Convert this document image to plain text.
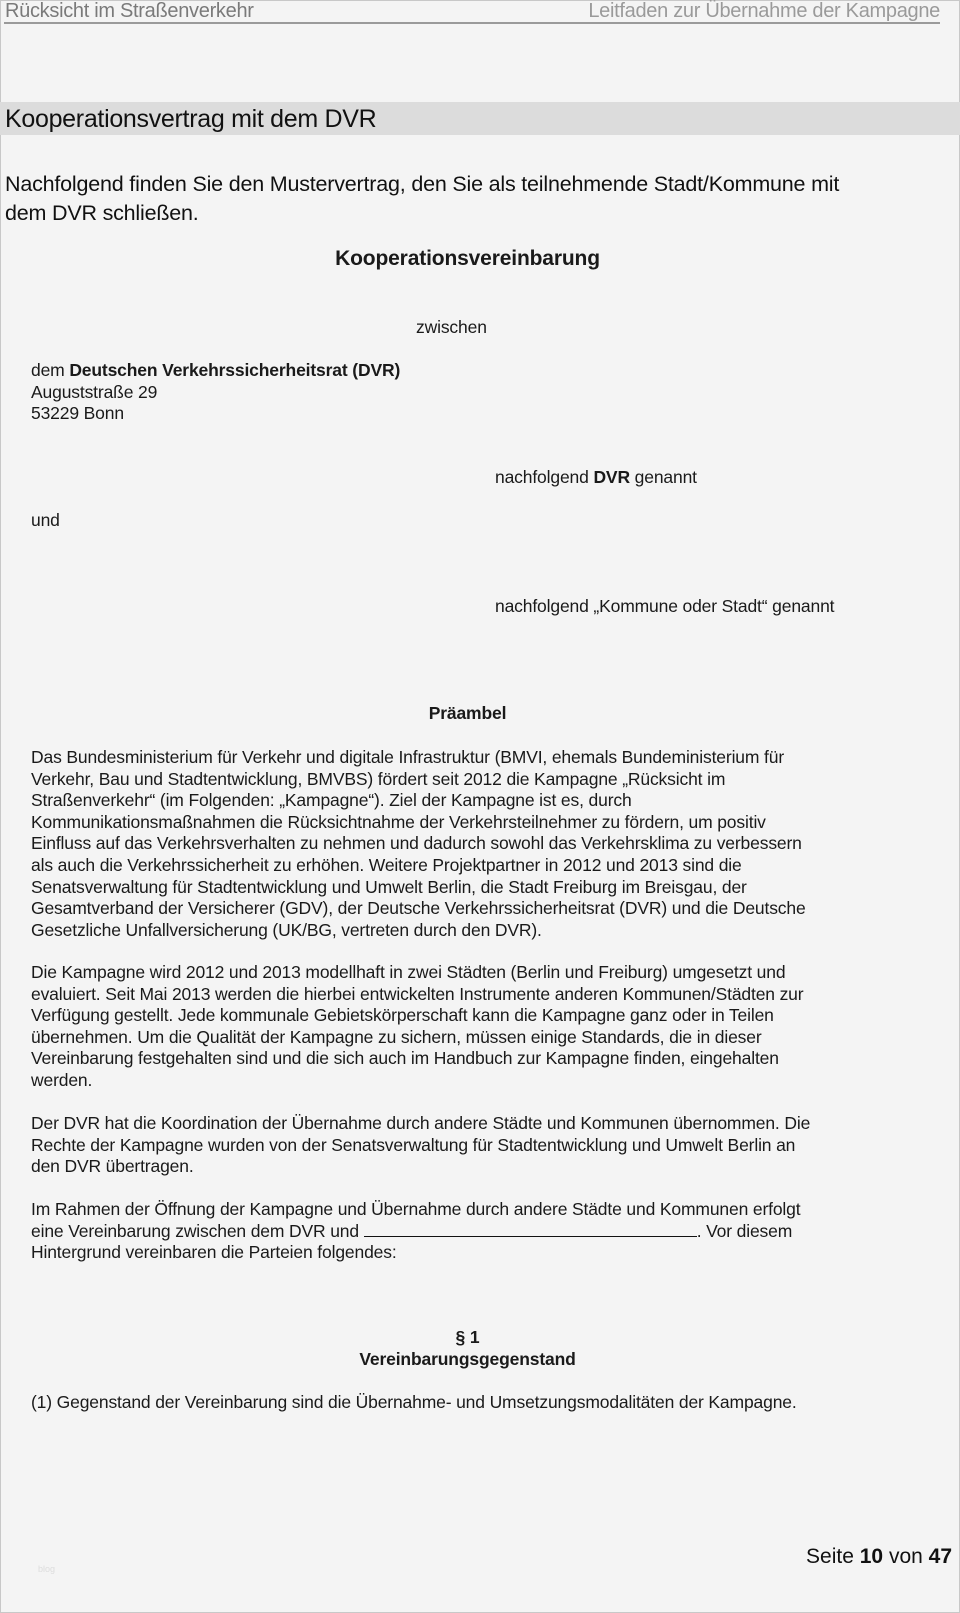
Rücksicht im Straßenverkehr	Leitfaden zur Übernahme der Kampagne
Kooperationsvertrag mit dem DVR
Nachfolgend finden Sie den Mustervertrag, den Sie als teilnehmende Stadt/Kommune mit
dem DVR schließen.
Kooperationsvereinbarung
zwischen
dem Deutschen Verkehrssicherheitsrat (DVR)
Auguststraße 29
53229 Bonn
nachfolgend DVR genannt
und
nachfolgend „Kommune oder Stadt“ genannt
Präambel
Das Bundesministerium für Verkehr und digitale Infrastruktur (BMVI, ehemals Bundeministerium für
Verkehr, Bau und Stadtentwicklung, BMVBS) fördert seit 2012 die Kampagne „Rücksicht im
Straßenverkehr“ (im Folgenden: „Kampagne“). Ziel der Kampagne ist es, durch
Kommunikationsmaßnahmen die Rücksichtnahme der Verkehrsteilnehmer zu fördern, um positiv
Einfluss auf das Verkehrsverhalten zu nehmen und dadurch sowohl das Verkehrsklima zu verbessern
als auch die Verkehrssicherheit zu erhöhen. Weitere Projektpartner in 2012 und 2013 sind die
Senatsverwaltung für Stadtentwicklung und Umwelt Berlin, die Stadt Freiburg im Breisgau, der
Gesamtverband der Versicherer (GDV), der Deutsche Verkehrssicherheitsrat (DVR) und die Deutsche
Gesetzliche Unfallversicherung (UK/BG, vertreten durch den DVR).
Die Kampagne wird 2012 und 2013 modellhaft in zwei Städten (Berlin und Freiburg) umgesetzt und
evaluiert. Seit Mai 2013 werden die hierbei entwickelten Instrumente anderen Kommunen/Städten zur
Verfügung gestellt. Jede kommunale Gebietskörperschaft kann die Kampagne ganz oder in Teilen
übernehmen. Um die Qualität der Kampagne zu sichern, müssen einige Standards, die in dieser
Vereinbarung festgehalten sind und die sich auch im Handbuch zur Kampagne finden, eingehalten
werden.
Der DVR hat die Koordination der Übernahme durch andere Städte und Kommunen übernommen. Die
Rechte der Kampagne wurden von der Senatsverwaltung für Stadtentwicklung und Umwelt Berlin an
den DVR übertragen.
Im Rahmen der Öffnung der Kampagne und Übernahme durch andere Städte und Kommunen erfolgt
eine Vereinbarung zwischen dem DVR und	. Vor diesem
Hintergrund vereinbaren die Parteien folgendes:
§ 1
Vereinbarungsgegenstand
(1) Gegenstand der Vereinbarung sind die Übernahme- und Umsetzungsmodalitäten der Kampagne.
blog
Seite 10 von 47
